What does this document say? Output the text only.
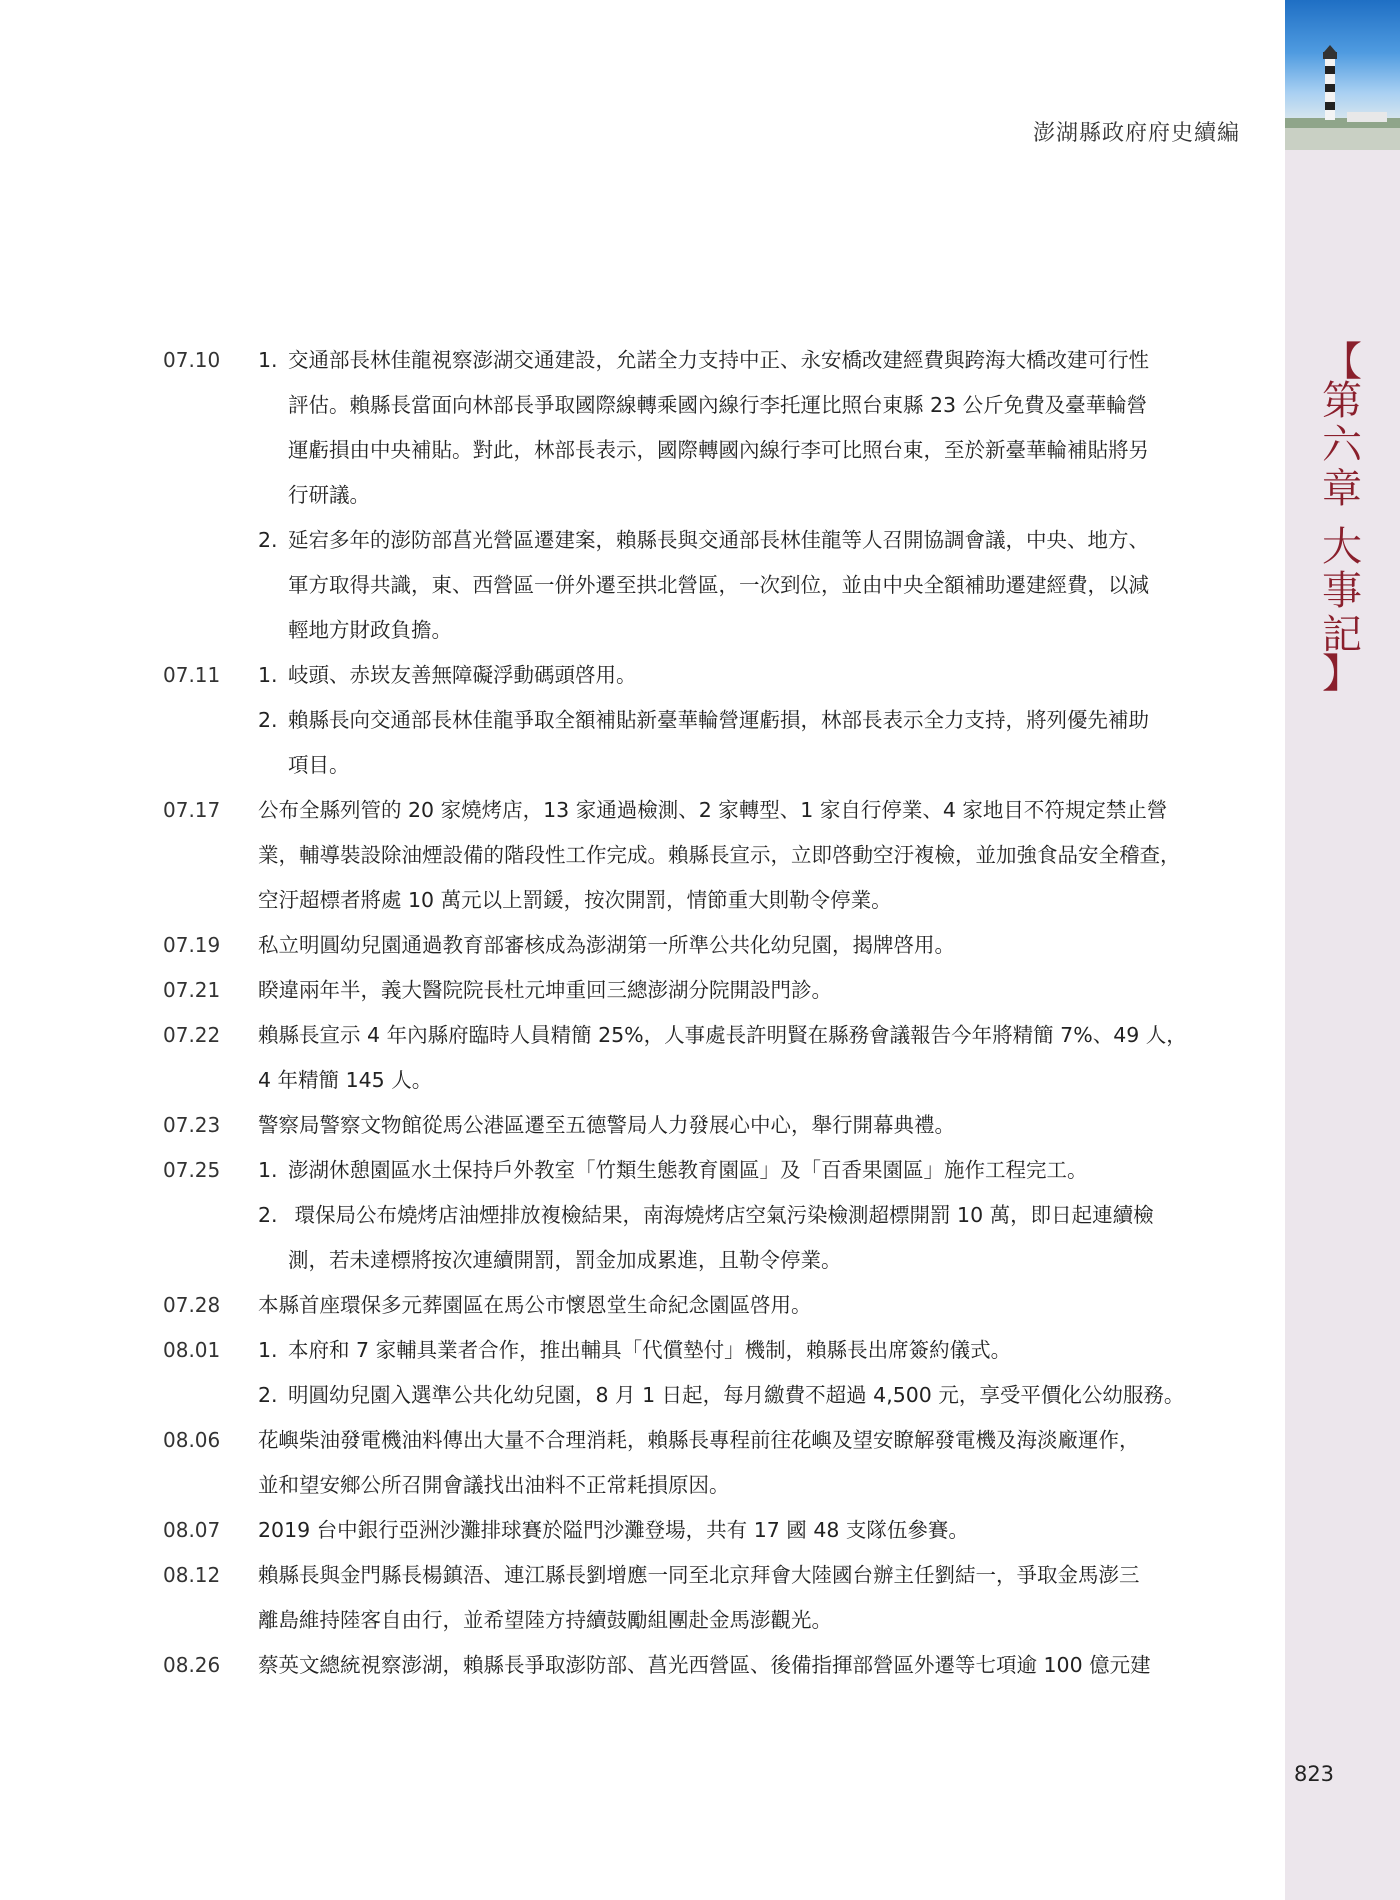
澎湖縣政府府史續編
【
第
六
章
大
事
記
】
07.10 1. 交通部長林佳龍視察澎湖交通建設，允諾全力支持中正、永安橋改建經費與跨海大橋改建可行性
評估。賴縣長當面向林部長爭取國際線轉乘國內線行李托運比照台東縣 23 公斤免費及臺華輪營
運虧損由中央補貼。對此，林部長表示，國際轉國內線行李可比照台東，至於新臺華輪補貼將另
行研議。
2. 延宕多年的澎防部菖光營區遷建案，賴縣長與交通部長林佳龍等人召開協調會議，中央、地方、
軍方取得共識，東、西營區一併外遷至拱北營區，一次到位，並由中央全額補助遷建經費，以減
輕地方財政負擔。
07.11 1. 岐頭、赤崁友善無障礙浮動碼頭啓用。
2. 賴縣長向交通部長林佳龍爭取全額補貼新臺華輪營運虧損，林部長表示全力支持，將列優先補助
項目。
07.17 公布全縣列管的 20 家燒烤店，13 家通過檢測、2 家轉型、1 家自行停業、4 家地目不符規定禁止營
業，輔導裝設除油煙設備的階段性工作完成。賴縣長宣示，立即啓動空汙複檢，並加強食品安全稽查，
空汙超標者將處 10 萬元以上罰鍰，按次開罰，情節重大則勒令停業。
07.19 私立明圓幼兒園通過教育部審核成為澎湖第一所準公共化幼兒園，揭牌啓用。
07.21 睽違兩年半，義大醫院院長杜元坤重回三總澎湖分院開設門診。
07.22 賴縣長宣示 4 年內縣府臨時人員精簡 25%，人事處長許明賢在縣務會議報告今年將精簡 7%、49 人，
4 年精簡 145 人。
07.23 警察局警察文物館從馬公港區遷至五德警局人力發展心中心，舉行開幕典禮。
07.25 1. 澎湖休憩園區水土保持戶外教室「竹類生態教育園區」及「百香果園區」施作工程完工。
2. 環保局公布燒烤店油煙排放複檢結果，南海燒烤店空氣污染檢測超標開罰 10 萬，即日起連續檢
測，若未達標將按次連續開罰，罰金加成累進，且勒令停業。
07.28 本縣首座環保多元葬園區在馬公市懷恩堂生命紀念園區啓用。
08.01 1. 本府和 7 家輔具業者合作，推出輔具「代償墊付」機制，賴縣長出席簽約儀式。
2. 明圓幼兒園入選準公共化幼兒園，8 月 1 日起，每月繳費不超過 4,500 元，享受平價化公幼服務。
08.06 花嶼柴油發電機油料傳出大量不合理消耗，賴縣長專程前往花嶼及望安瞭解發電機及海淡廠運作，
並和望安鄉公所召開會議找出油料不正常耗損原因。
08.07 2019 台中銀行亞洲沙灘排球賽於隘門沙灘登場，共有 17 國 48 支隊伍參賽。
08.12 賴縣長與金門縣長楊鎮浯、連江縣長劉增應一同至北京拜會大陸國台辦主任劉結一，爭取金馬澎三
離島維持陸客自由行，並希望陸方持續鼓勵組團赴金馬澎觀光。
08.26 蔡英文總統視察澎湖，賴縣長爭取澎防部、菖光西營區、後備指揮部營區外遷等七項逾 100 億元建
823
